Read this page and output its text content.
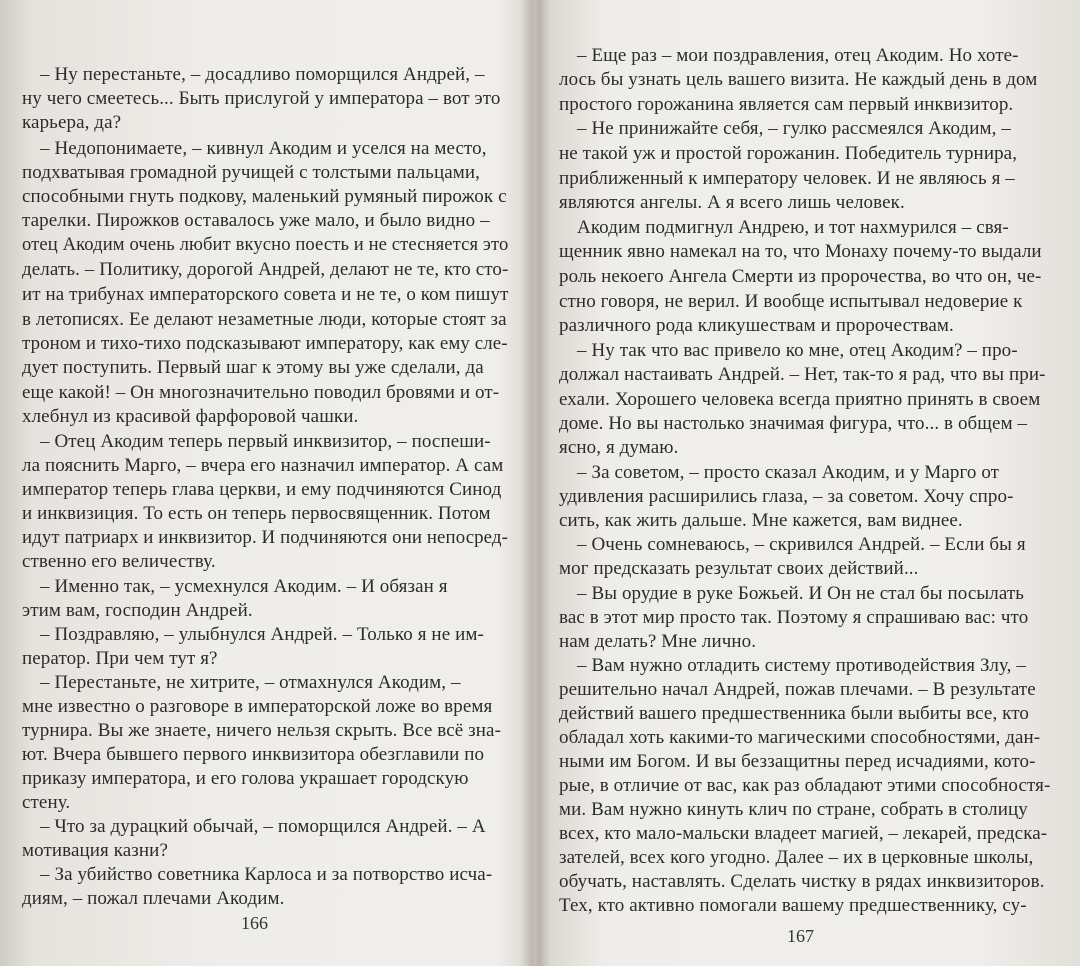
– Ну перестаньте, – досадливо поморщился Андрей, –
ну чего смеетесь... Быть прислугой у императора – вот это
карьера, да?
– Недопонимаете, – кивнул Акодим и уселся на место,
подхватывая громадной ручищей с толстыми пальцами,
способными гнуть подкову, маленький румяный пирожок с
тарелки. Пирожков оставалось уже мало, и было видно –
отец Акодим очень любит вкусно поесть и не стесняется это
делать. – Политику, дорогой Андрей, делают не те, кто сто-
ит на трибунах императорского совета и не те, о ком пишут
в летописях. Ее делают незаметные люди, которые стоят за
троном и тихо-тихо подсказывают императору, как ему сле-
дует поступить. Первый шаг к этому вы уже сделали, да
еще какой! – Он многозначительно поводил бровями и от-
хлебнул из красивой фарфоровой чашки.
– Отец Акодим теперь первый инквизитор, – поспеши-
ла пояснить Марго, – вчера его назначил император. А сам
император теперь глава церкви, и ему подчиняются Синод
и инквизиция. То есть он теперь первосвященник. Потом
идут патриарх и инквизитор. И подчиняются они непосред-
ственно его величеству.
– Именно так, – усмехнулся Акодим. – И обязан я
этим вам, господин Андрей.
– Поздравляю, – улыбнулся Андрей. – Только я не им-
ператор. При чем тут я?
– Перестаньте, не хитрите, – отмахнулся Акодим, –
мне известно о разговоре в императорской ложе во время
турнира. Вы же знаете, ничего нельзя скрыть. Все всё зна-
ют. Вчера бывшего первого инквизитора обезглавили по
приказу императора, и его голова украшает городскую
стену.
– Что за дурацкий обычай, – поморщился Андрей. – А
мотивация казни?
– За убийство советника Карлоса и за потворство исча-
диям, – пожал плечами Акодим.
166
– Еще раз – мои поздравления, отец Акодим. Но хоте-
лось бы узнать цель вашего визита. Не каждый день в дом
простого горожанина является сам первый инквизитор.
– Не принижайте себя, – гулко рассмеялся Акодим, –
не такой уж и простой горожанин. Победитель турнира,
приближенный к императору человек. И не являюсь я –
являются ангелы. А я всего лишь человек.
Акодим подмигнул Андрею, и тот нахмурился – свя-
щенник явно намекал на то, что Монаху почему-то выдали
роль некоего Ангела Смерти из пророчества, во что он, че-
стно говоря, не верил. И вообще испытывал недоверие к
различного рода кликушествам и пророчествам.
– Ну так что вас привело ко мне, отец Акодим? – про-
должал настаивать Андрей. – Нет, так-то я рад, что вы при-
ехали. Хорошего человека всегда приятно принять в своем
доме. Но вы настолько значимая фигура, что... в общем –
ясно, я думаю.
– За советом, – просто сказал Акодим, и у Марго от
удивления расширились глаза, – за советом. Хочу спро-
сить, как жить дальше. Мне кажется, вам виднее.
– Очень сомневаюсь, – скривился Андрей. – Если бы я
мог предсказать результат своих действий...
– Вы орудие в руке Божьей. И Он не стал бы посылать
вас в этот мир просто так. Поэтому я спрашиваю вас: что
нам делать? Мне лично.
– Вам нужно отладить систему противодействия Злу, –
решительно начал Андрей, пожав плечами. – В результате
действий вашего предшественника были выбиты все, кто
обладал хоть какими-то магическими способностями, дан-
ными им Богом. И вы беззащитны перед исчадиями, кото-
рые, в отличие от вас, как раз обладают этими способностя-
ми. Вам нужно кинуть клич по стране, собрать в столицу
всех, кто мало-мальски владеет магией, – лекарей, предска-
зателей, всех кого угодно. Далее – их в церковные школы,
обучать, наставлять. Сделать чистку в рядах инквизиторов.
Тех, кто активно помогали вашему предшественнику, су-
167
